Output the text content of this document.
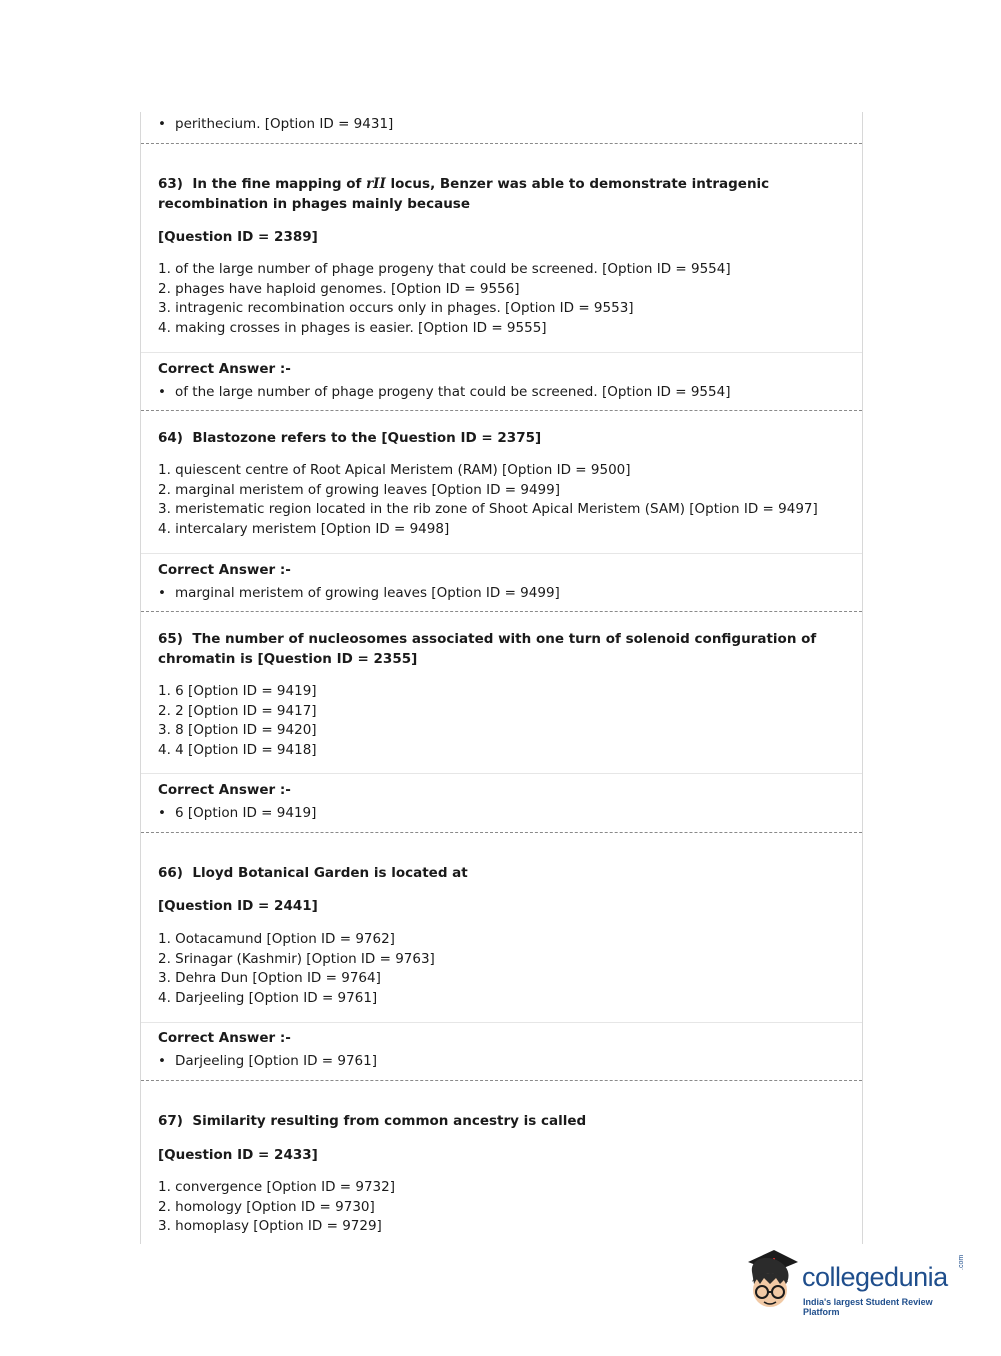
• perithecium. [Option ID = 9431]
63) In the fine mapping of rII locus, Benzer was able to demonstrate intragenic recombination in phages mainly because
[Question ID = 2389]
1. of the large number of phage progeny that could be screened. [Option ID = 9554]
2. phages have haploid genomes. [Option ID = 9556]
3. intragenic recombination occurs only in phages. [Option ID = 9553]
4. making crosses in phages is easier. [Option ID = 9555]
Correct Answer :-
• of the large number of phage progeny that could be screened. [Option ID = 9554]
64) Blastozone refers to the [Question ID = 2375]
1. quiescent centre of Root Apical Meristem (RAM) [Option ID = 9500]
2. marginal meristem of growing leaves [Option ID = 9499]
3. meristematic region located in the rib zone of Shoot Apical Meristem (SAM) [Option ID = 9497]
4. intercalary meristem [Option ID = 9498]
Correct Answer :-
• marginal meristem of growing leaves [Option ID = 9499]
65) The number of nucleosomes associated with one turn of solenoid configuration of chromatin is [Question ID = 2355]
1. 6 [Option ID = 9419]
2. 2 [Option ID = 9417]
3. 8 [Option ID = 9420]
4. 4 [Option ID = 9418]
Correct Answer :-
• 6 [Option ID = 9419]
66) Lloyd Botanical Garden is located at
[Question ID = 2441]
1. Ootacamund [Option ID = 9762]
2. Srinagar (Kashmir) [Option ID = 9763]
3. Dehra Dun [Option ID = 9764]
4. Darjeeling [Option ID = 9761]
Correct Answer :-
• Darjeeling [Option ID = 9761]
67) Similarity resulting from common ancestry is called
[Question ID = 2433]
1. convergence [Option ID = 9732]
2. homology [Option ID = 9730]
3. homoplasy [Option ID = 9729]
collegedunia .com
India's largest Student Review Platform
